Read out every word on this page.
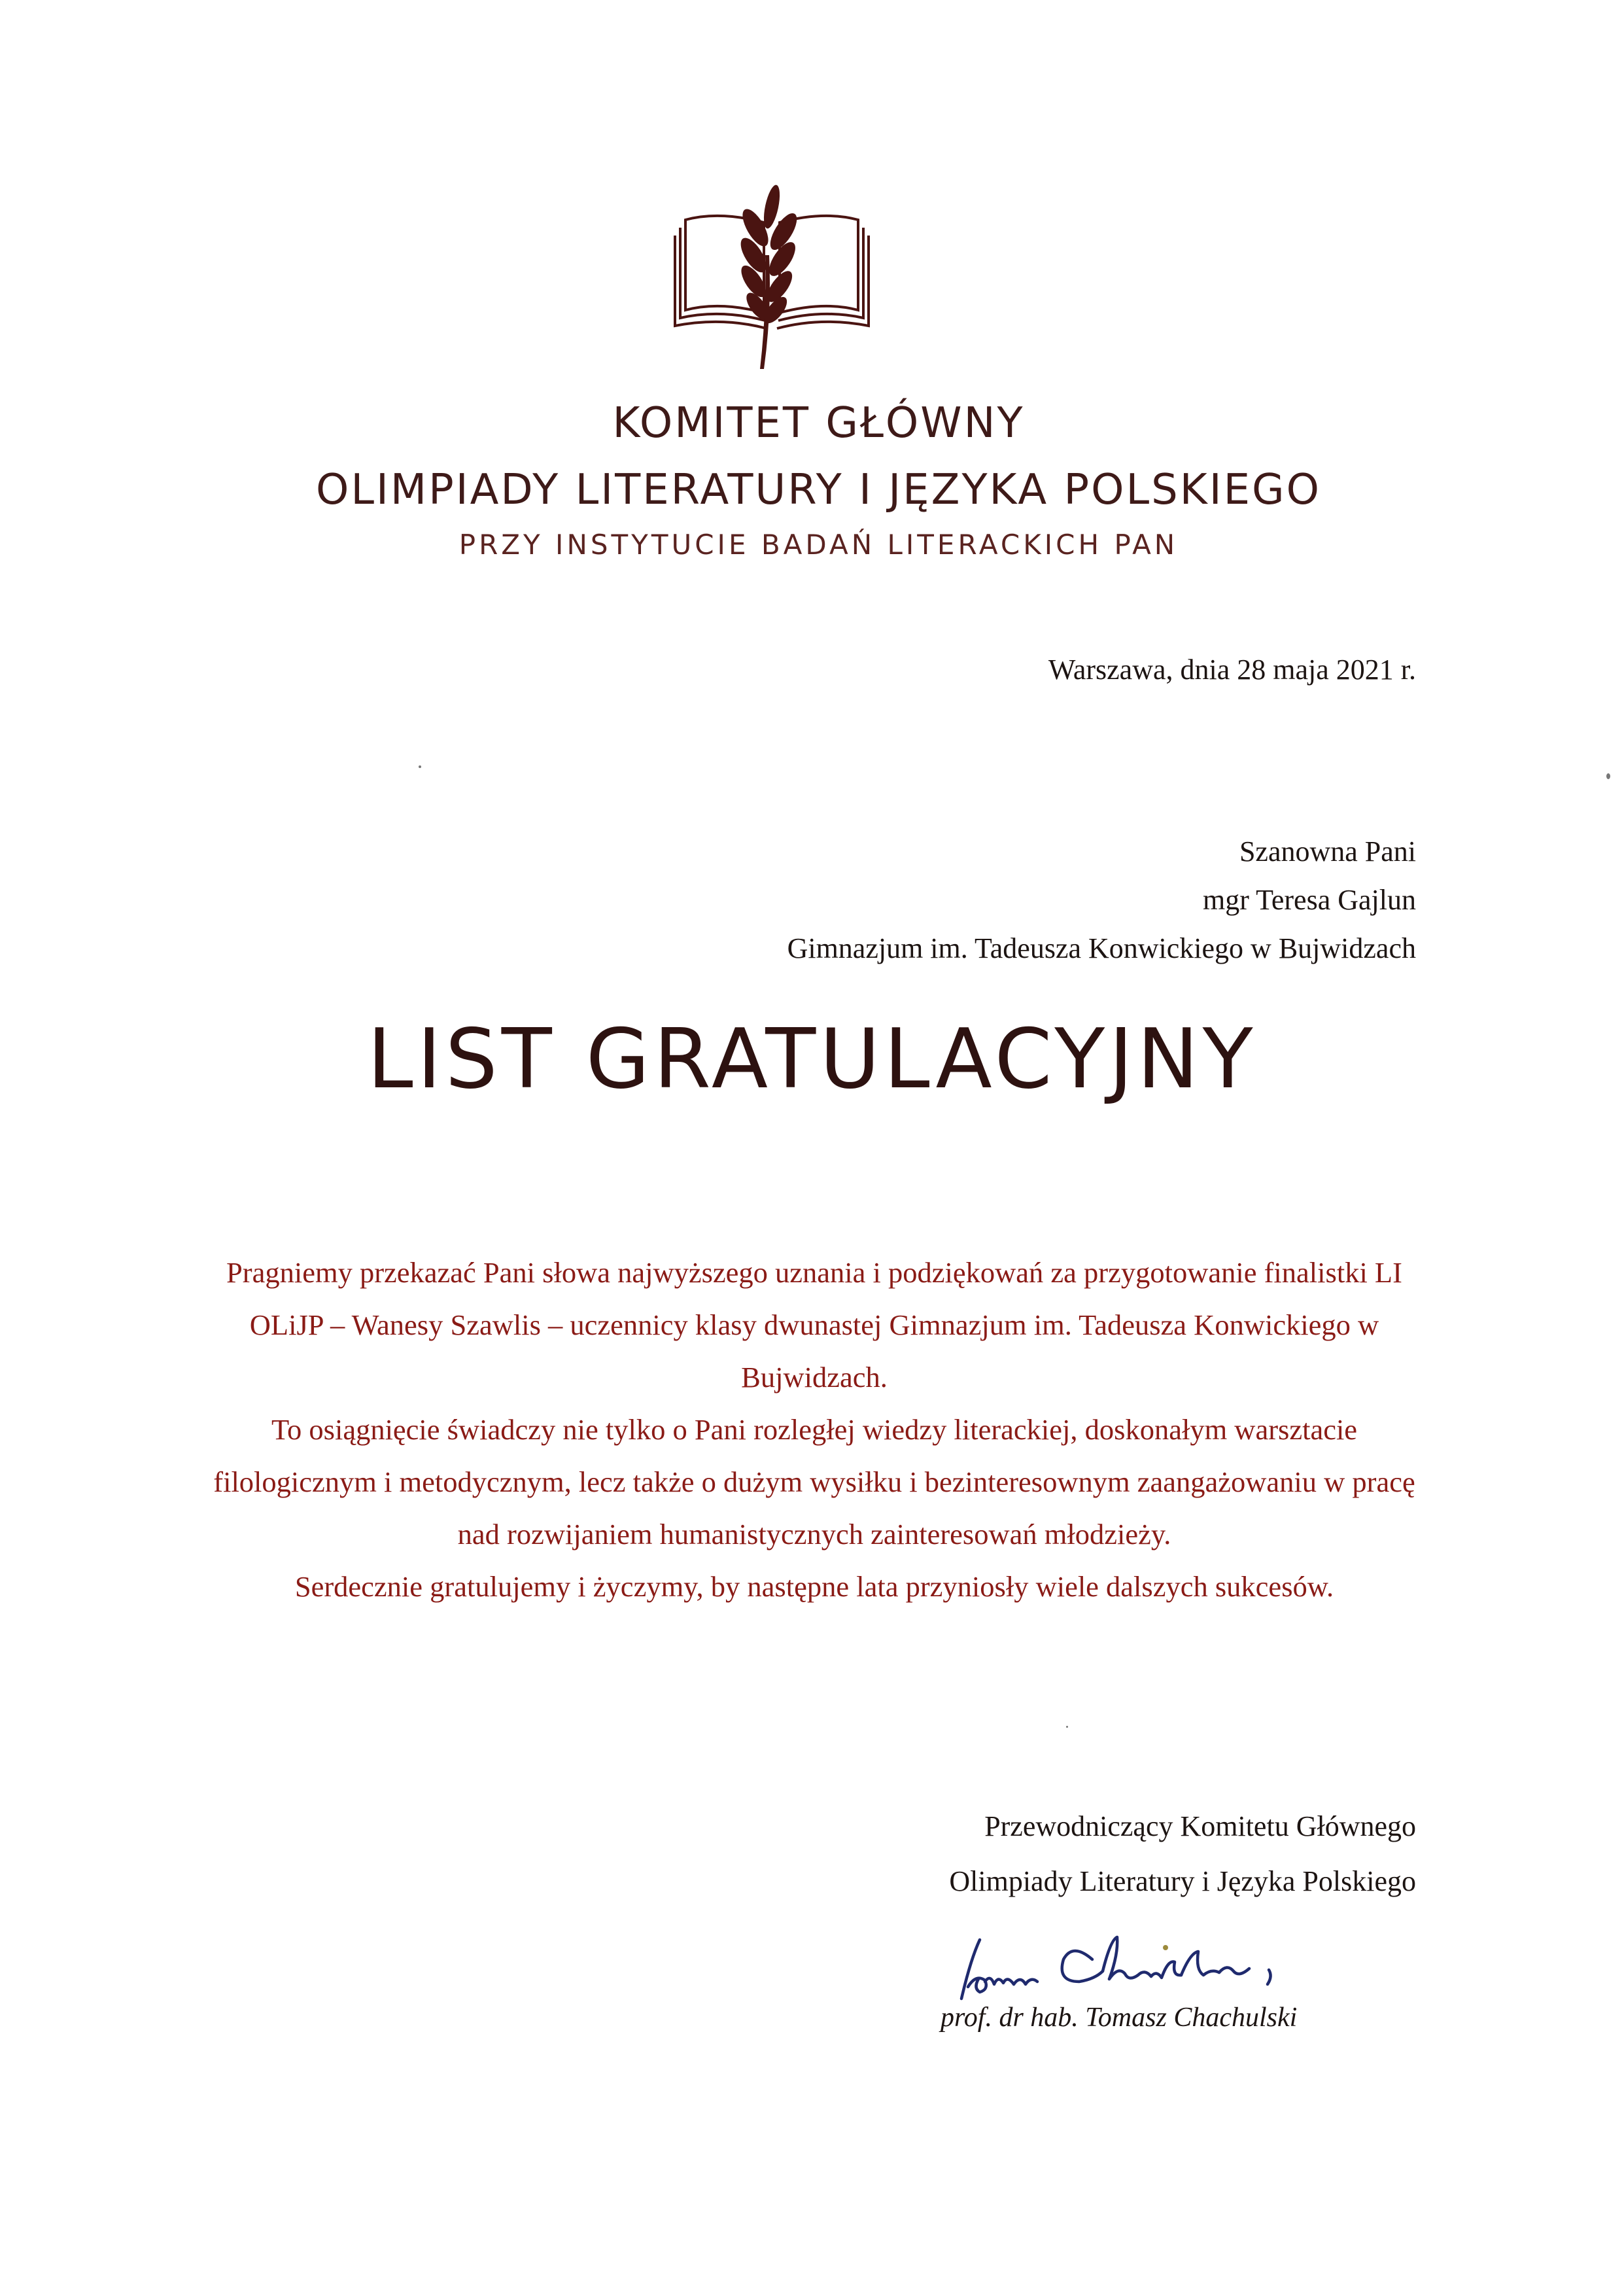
KOMITET GŁÓWNY
OLIMPIADY LITERATURY I JĘZYKA POLSKIEGO
PRZY INSTYTUCIE BADAŃ LITERACKICH PAN
Warszawa, dnia 28 maja 2021 r.
Szanowna Pani
mgr Teresa Gajlun
Gimnazjum im. Tadeusza Konwickiego w Bujwidzach
LIST GRATULACYJNY

Pragniemy przekazać Pani słowa najwyższego uznania i podziękowań za przygotowanie finalistki LI OLiJP – Wanesy Szawlis – uczennicy klasy dwunastej Gimnazjum im. Tadeusza Konwickiego w Bujwidzach.

To osiągnięcie świadczy nie tylko o Pani rozległej wiedzy literackiej, doskonałym warsztacie filologicznym i metodycznym, lecz także o dużym wysiłku i bezinteresownym zaangażowaniu w pracę nad rozwijaniem humanistycznych zainteresowań młodzieży.

Serdecznie gratulujemy i życzymy, by następne lata przyniosły wiele dalszych sukcesów.

Przewodniczący Komitetu Głównego
Olimpiady Literatury i Języka Polskiego
prof. dr hab. Tomasz Chachulski
